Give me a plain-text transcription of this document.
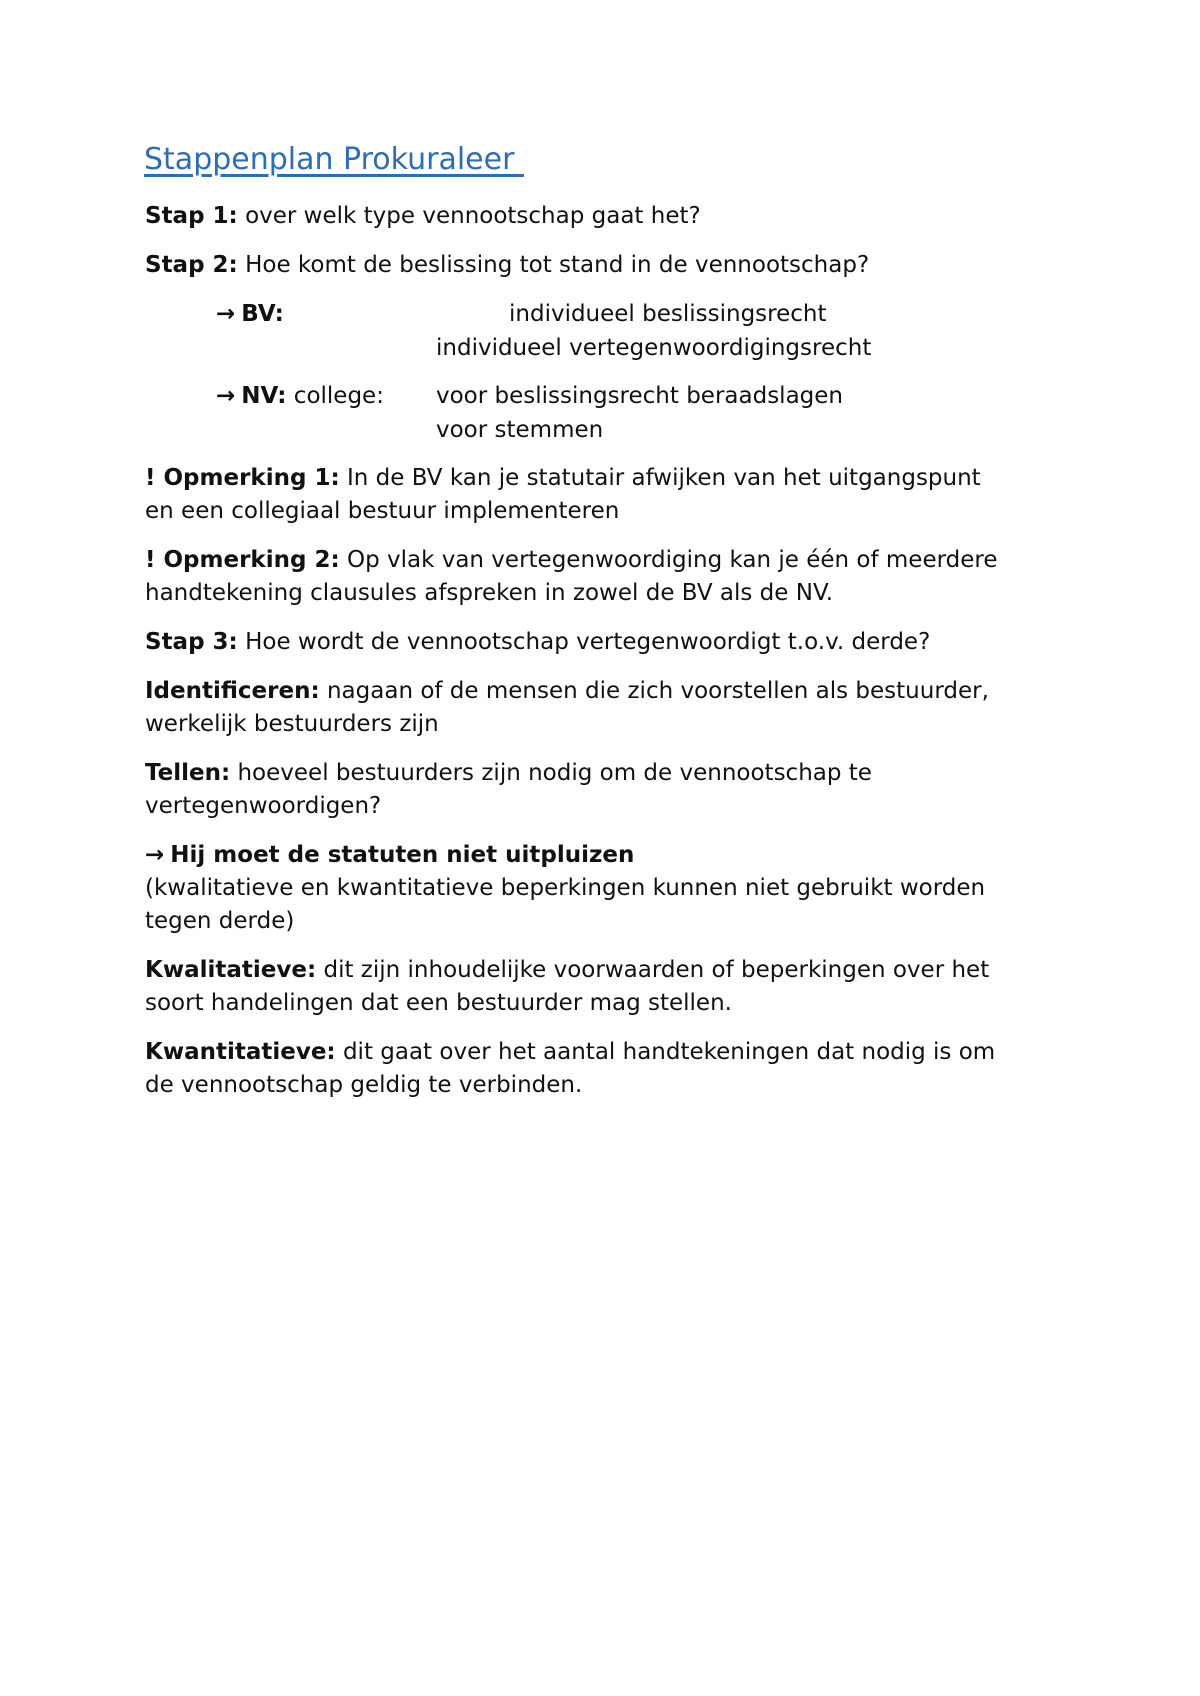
Stappenplan Prokuraleer
Stap 1: over welk type vennootschap gaat het?
Stap 2: Hoe komt de beslissing tot stand in de vennootschap?
→ BV:	individueel beslissingsrecht
individueel vertegenwoordigingsrecht
→ NV: college: voor beslissingsrecht beraadslagen
voor stemmen
! Opmerking 1: In de BV kan je statutair afwijken van het uitgangspunt
en een collegiaal bestuur implementeren
! Opmerking 2: Op vlak van vertegenwoordiging kan je één of meerdere
handtekening clausules afspreken in zowel de BV als de NV.
Stap 3: Hoe wordt de vennootschap vertegenwoordigt t.o.v. derde?
Identificeren: nagaan of de mensen die zich voorstellen als bestuurder,
werkelijk bestuurders zijn
Tellen: hoeveel bestuurders zijn nodig om de vennootschap te
vertegenwoordigen?
→ Hij moet de statuten niet uitpluizen
(kwalitatieve en kwantitatieve beperkingen kunnen niet gebruikt worden
tegen derde)
Kwalitatieve: dit zijn inhoudelijke voorwaarden of beperkingen over het
soort handelingen dat een bestuurder mag stellen.
Kwantitatieve: dit gaat over het aantal handtekeningen dat nodig is om
de vennootschap geldig te verbinden.
